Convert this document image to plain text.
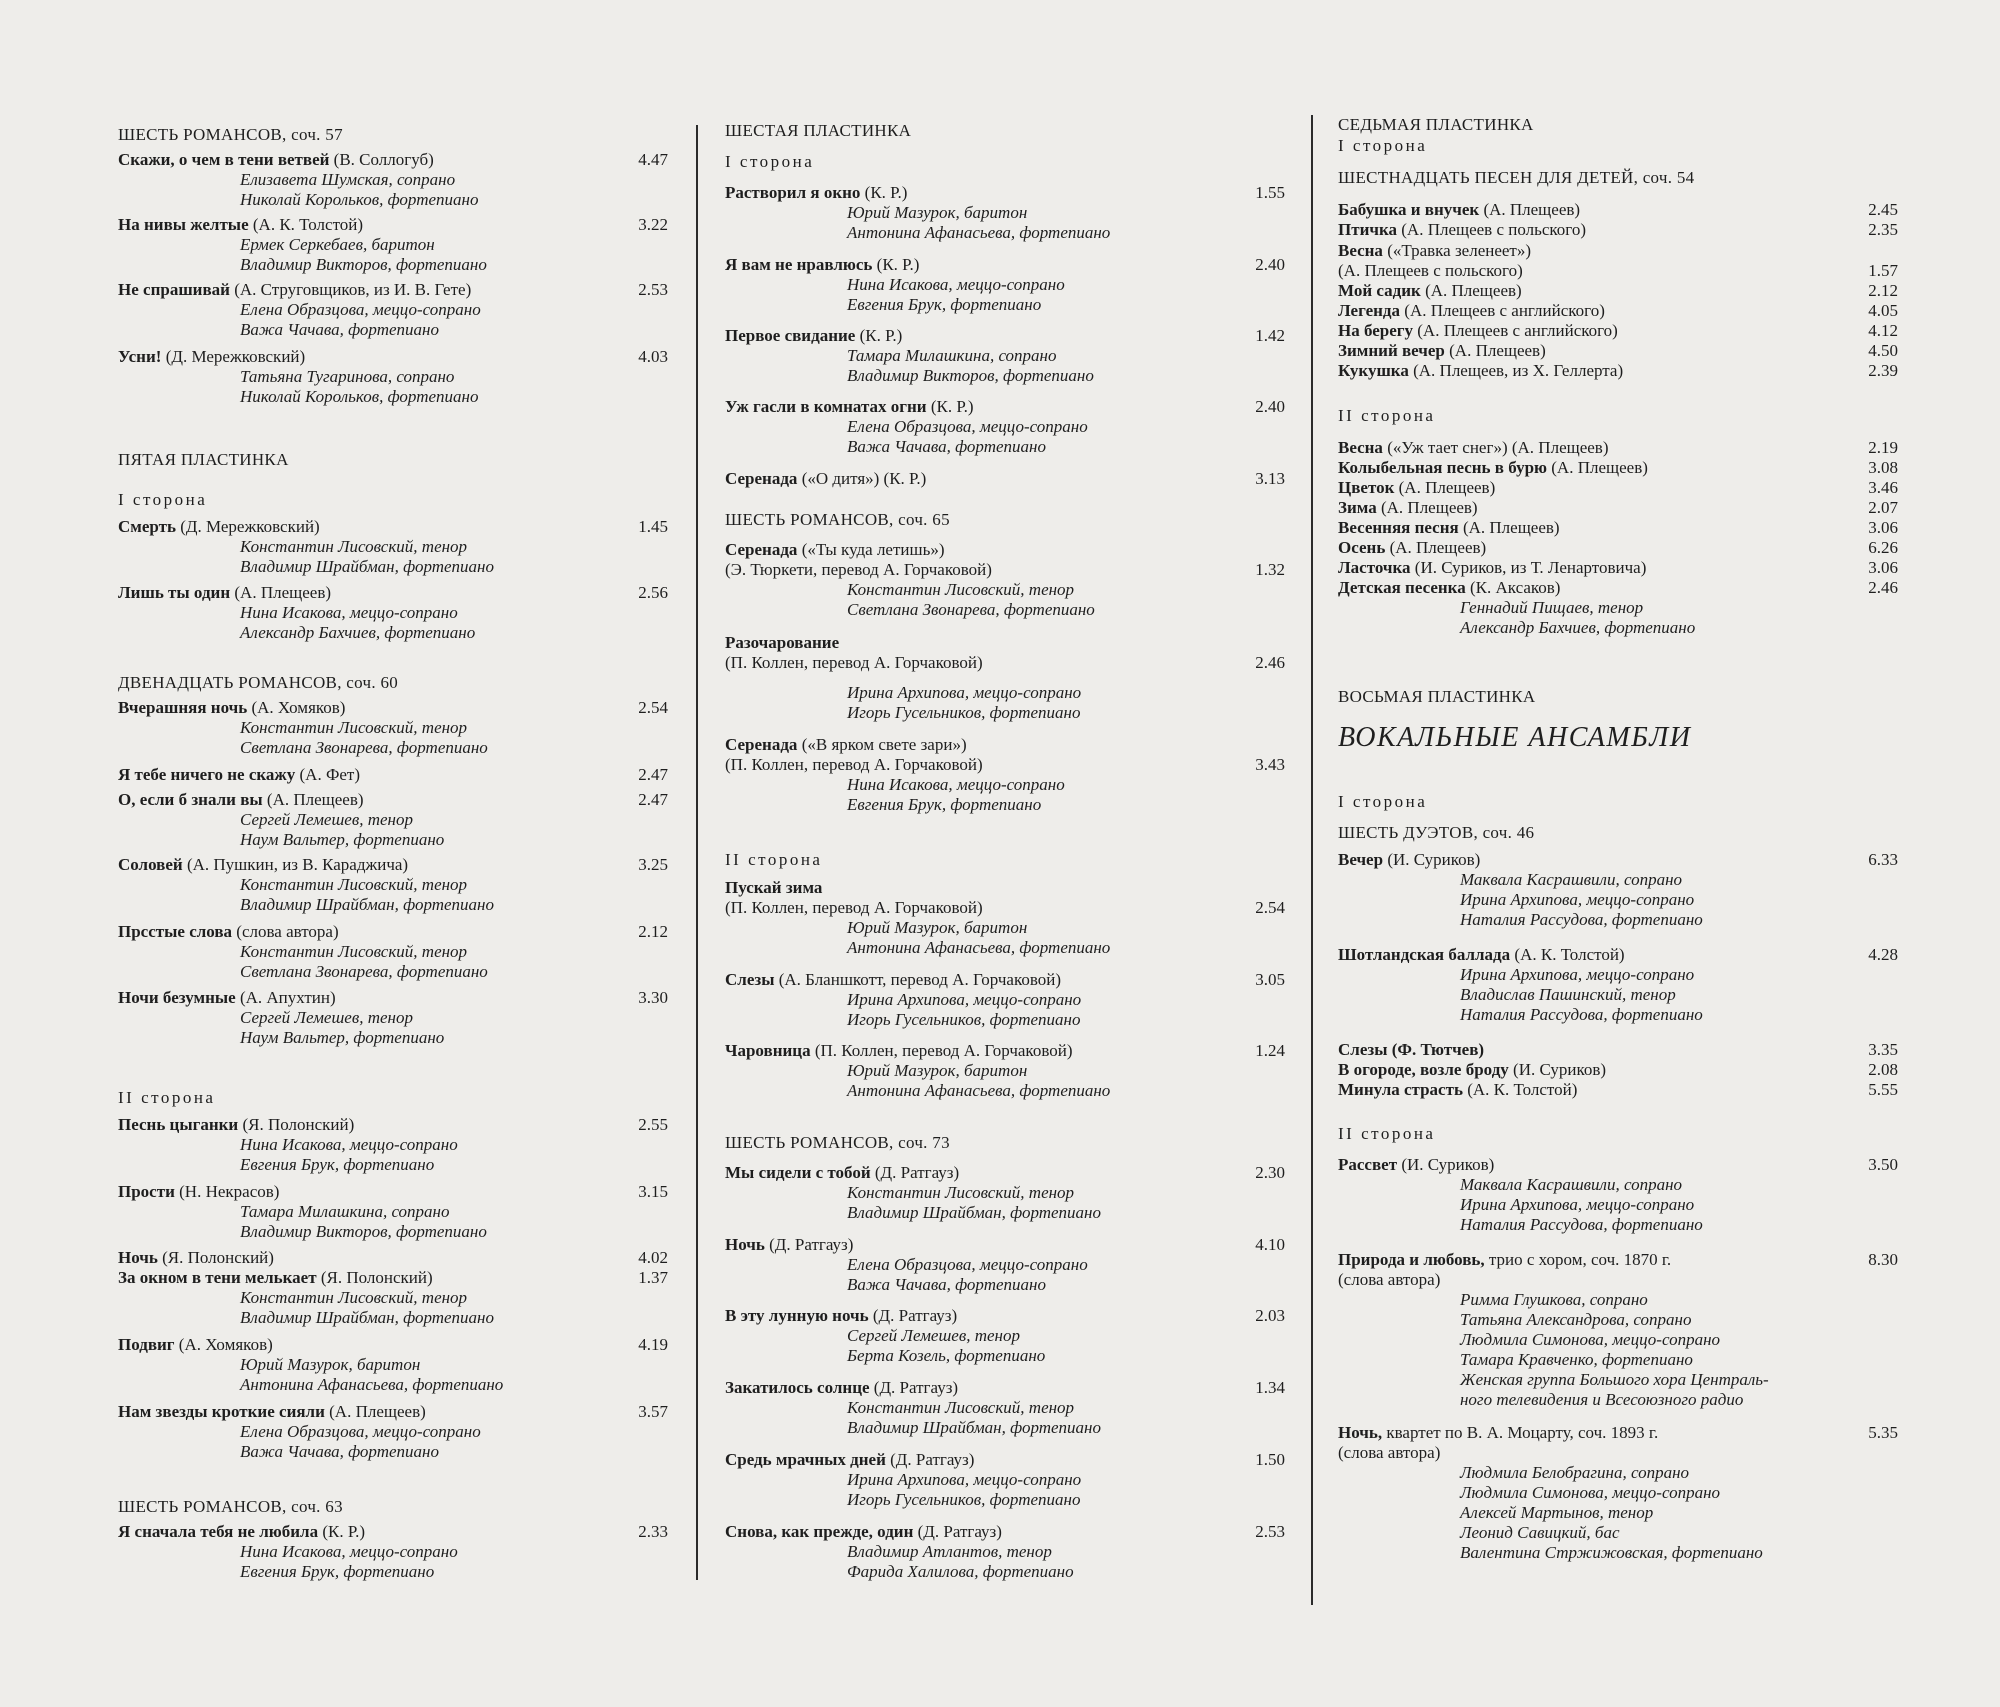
ШЕСТЬ РОМАНСОВ, соч. 57
Скажи, о чем в тени ветвей (В. Соллогуб)	4.47
Елизавета Шумская, сопрано
Николай Корольков, фортепиано
На нивы желтые (А. К. Толстой)	3.22
Ермек Серкебаев, баритон
Владимир Викторов, фортепиано
Не спрашивай (А. Струговщиков, из И. В. Гете)	2.53
Елена Образцова, меццо-сопрано
Важа Чачава, фортепиано
Усни! (Д. Мережковский)	4.03
Татьяна Тугаринова, сопрано
Николай Корольков, фортепиано
ПЯТАЯ ПЛАСТИНКА
I сторона
Смерть (Д. Мережковский)	1.45
Константин Лисовский, тенор
Владимир Шрайбман, фортепиано
Лишь ты один (А. Плещеев)	2.56
Нина Исакова, меццо-сопрано
Александр Бахчиев, фортепиано
ДВЕНАДЦАТЬ РОМАНСОВ, соч. 60
Вчерашняя ночь (А. Хомяков)	2.54
Константин Лисовский, тенор
Светлана Звонарева, фортепиано
Я тебе ничего не скажу (А. Фет)	2.47
О, если б знали вы (А. Плещеев)	2.47
Сергей Лемешев, тенор
Наум Вальтер, фортепиано
Соловей (А. Пушкин, из В. Караджича)	3.25
Константин Лисовский, тенор
Владимир Шрайбман, фортепиано
Прсстые слова (слова автора)	2.12
Константин Лисовский, тенор
Светлана Звонарева, фортепиано
Ночи безумные (А. Апухтин)	3.30
Сергей Лемешев, тенор
Наум Вальтер, фортепиано
II сторона
Песнь цыганки (Я. Полонский)	2.55
Нина Исакова, меццо-сопрано
Евгения Брук, фортепиано
Прости (Н. Некрасов)	3.15
Тамара Милашкина, сопрано
Владимир Викторов, фортепиано
Ночь (Я. Полонский)	4.02
За окном в тени мелькает (Я. Полонский)	1.37
Константин Лисовский, тенор
Владимир Шрайбман, фортепиано
Подвиг (А. Хомяков)	4.19
Юрий Мазурок, баритон
Антонина Афанасьева, фортепиано
Нам звезды кроткие сияли (А. Плещеев)	3.57
Елена Образцова, меццо-сопрано
Важа Чачава, фортепиано
ШЕСТЬ РОМАНСОВ, соч. 63
Я сначала тебя не любила (К. Р.)	2.33
Нина Исакова, меццо-сопрано
Евгения Брук, фортепиано
ШЕСТАЯ ПЛАСТИНКА
I сторона
Растворил я окно (К. Р.)	1.55
Юрий Мазурок, баритон
Антонина Афанасьева, фортепиано
Я вам не нравлюсь (К. Р.)	2.40
Нина Исакова, меццо-сопрано
Евгения Брук, фортепиано
Первое свидание (К. Р.)	1.42
Тамара Милашкина, сопрано
Владимир Викторов, фортепиано
Уж гасли в комнатах огни (К. Р.)	2.40
Елена Образцова, меццо-сопрано
Важа Чачава, фортепиано
Серенада («О дитя») (К. Р.)	3.13
ШЕСТЬ РОМАНСОВ, соч. 65
Серенада («Ты куда летишь»)
(Э. Тюркети, перевод А. Горчаковой)	1.32
Константин Лисовский, тенор
Светлана Звонарева, фортепиано
Разочарование
(П. Коллен, перевод А. Горчаковой)	2.46
Ирина Архипова, меццо-сопрано
Игорь Гусельников, фортепиано
Серенада («В ярком свете зари»)
(П. Коллен, перевод А. Горчаковой)	3.43
Нина Исакова, меццо-сопрано
Евгения Брук, фортепиано
II сторона
Пускай зима
(П. Коллен, перевод А. Горчаковой)	2.54
Юрий Мазурок, баритон
Антонина Афанасьева, фортепиано
Слезы (А. Бланшкотт, перевод А. Горчаковой)	3.05
Ирина Архипова, меццо-сопрано
Игорь Гусельников, фортепиано
Чаровница (П. Коллен, перевод А. Горчаковой)	1.24
Юрий Мазурок, баритон
Антонина Афанасьева, фортепиано
ШЕСТЬ РОМАНСОВ, соч. 73
Мы сидели с тобой (Д. Ратгауз)	2.30
Константин Лисовский, тенор
Владимир Шрайбман, фортепиано
Ночь (Д. Ратгауз)	4.10
Елена Образцова, меццо-сопрано
Важа Чачава, фортепиано
В эту лунную ночь (Д. Ратгауз)	2.03
Сергей Лемешев, тенор
Берта Козель, фортепиано
Закатилось солнце (Д. Ратгауз)	1.34
Константин Лисовский, тенор
Владимир Шрайбман, фортепиано
Средь мрачных дней (Д. Ратгауз)	1.50
Ирина Архипова, меццо-сопрано
Игорь Гусельников, фортепиано
Снова, как прежде, один (Д. Ратгауз)	2.53
Владимир Атлантов, тенор
Фарида Халилова, фортепиано
СЕДЬМАЯ ПЛАСТИНКА
I сторона
ШЕСТНАДЦАТЬ ПЕСЕН ДЛЯ ДЕТЕЙ, соч. 54
Бабушка и внучек (А. Плещеев)	2.45
Птичка (А. Плещеев с польского)	2.35
Весна («Травка зеленеет»)
(А. Плещеев с польского)	1.57
Мой садик (А. Плещеев)	2.12
Легенда (А. Плещеев с английского)	4.05
На берегу (А. Плещеев с английского)	4.12
Зимний вечер (А. Плещеев)	4.50
Кукушка (А. Плещеев, из Х. Геллерта)	2.39
II сторона
Весна («Уж тает снег») (А. Плещеев)	2.19
Колыбельная песнь в бурю (А. Плещеев)	3.08
Цветок (А. Плещеев)	3.46
Зима (А. Плещеев)	2.07
Весенняя песня (А. Плещеев)	3.06
Осень (А. Плещеев)	6.26
Ласточка (И. Суриков, из Т. Ленартовича)	3.06
Детская песенка (К. Аксаков)	2.46
Геннадий Пищаев, тенор
Александр Бахчиев, фортепиано
ВОСЬМАЯ ПЛАСТИНКА
ВОКАЛЬНЫЕ АНСАМБЛИ
I сторона
ШЕСТЬ ДУЭТОВ, соч. 46
Вечер (И. Суриков)	6.33
Маквала Касрашвили, сопрано
Ирина Архипова, меццо-сопрано
Наталия Рассудова, фортепиано
Шотландская баллада (А. К. Толстой)	4.28
Ирина Архипова, меццо-сопрано
Владислав Пашинский, тенор
Наталия Рассудова, фортепиано
Слезы (Ф. Тютчев)	3.35
В огороде, возле броду (И. Суриков)	2.08
Минула страсть (А. К. Толстой)	5.55
II сторона
Рассвет (И. Суриков)	3.50
Маквала Касрашвили, сопрано
Ирина Архипова, меццо-сопрано
Наталия Рассудова, фортепиано
Природа и любовь, трио с хором, соч. 1870 г.	8.30
(слова автора)
Римма Глушкова, сопрано
Татьяна Александрова, сопрано
Людмила Симонова, меццо-сопрано
Тамара Кравченко, фортепиано
Женская группа Большого хора Централь-
ного телевидения и Всесоюзного радио
Ночь, квартет по В. А. Моцарту, соч. 1893 г.	5.35
(слова автора)
Людмила Белобрагина, сопрано
Людмила Симонова, меццо-сопрано
Алексей Мартынов, тенор
Леонид Савицкий, бас
Валентина Стржижовская, фортепиано
